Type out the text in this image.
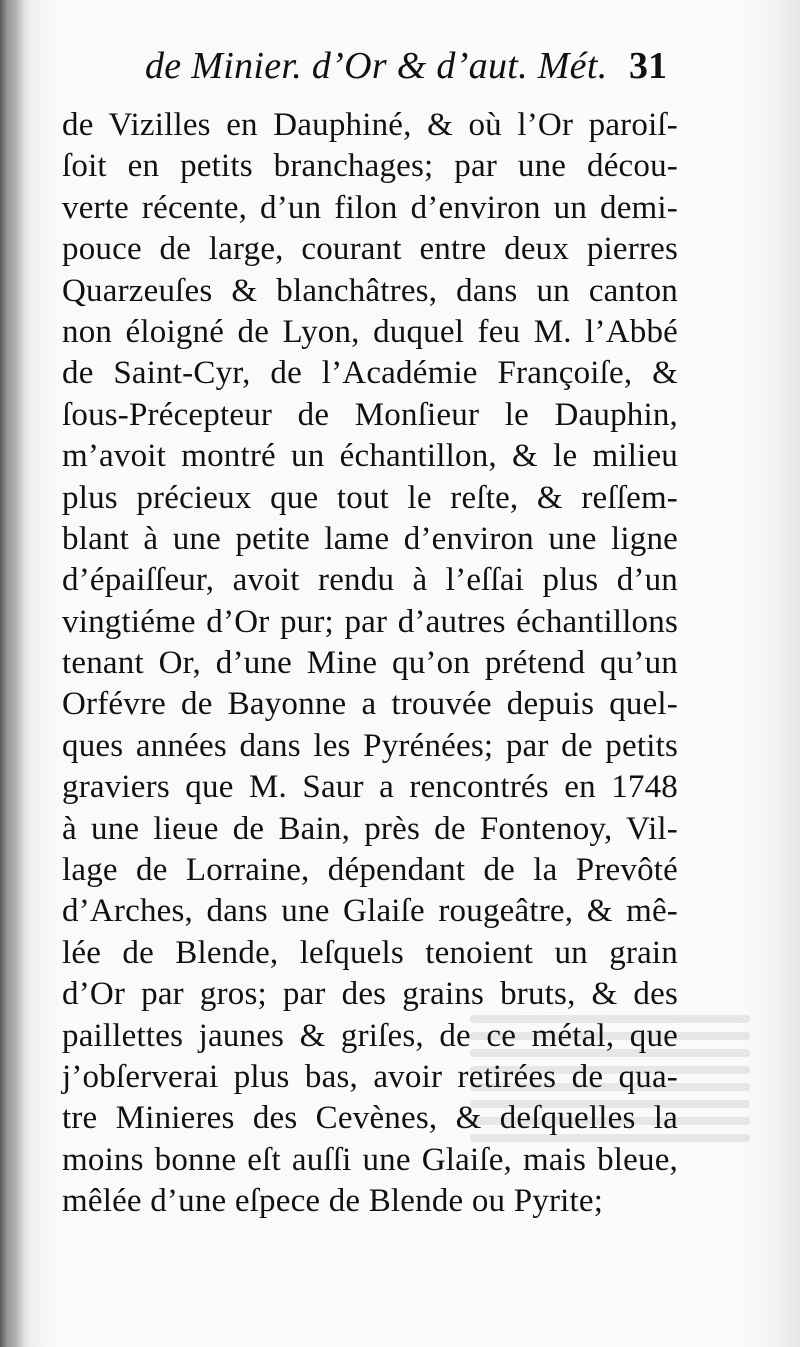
de Minier. d’Or & d’aut. Mét. 31
de Vizilles en Dauphiné, & où l’Or paroiſ-
ſoit en petits branchages; par une décou-
verte récente, d’un filon d’environ un demi-
pouce de large, courant entre deux pierres
Quarzeuſes & blanchâtres, dans un canton
non éloigné de Lyon, duquel feu M. l’Abbé
de Saint-Cyr, de l’Académie Françoiſe, &
ſous-Précepteur de Monſieur le Dauphin,
m’avoit montré un échantillon, & le milieu
plus précieux que tout le reſte, & reſſem-
blant à une petite lame d’environ une ligne
d’épaiſſeur, avoit rendu à l’eſſai plus d’un
vingtiéme d’Or pur; par d’autres échantillons
tenant Or, d’une Mine qu’on prétend qu’un
Orfévre de Bayonne a trouvée depuis quel-
ques années dans les Pyrénées; par de petits
graviers que M. Saur a rencontrés en 1748
à une lieue de Bain, près de Fontenoy, Vil-
lage de Lorraine, dépendant de la Prevôté
d’Arches, dans une Glaiſe rougeâtre, & mê-
lée de Blende, leſquels tenoient un grain
d’Or par gros; par des grains bruts, & des
paillettes jaunes & griſes, de ce métal, que
j’obſerverai plus bas, avoir retirées de qua-
tre Minieres des Cevènes, & deſquelles la
moins bonne eſt auſſi une Glaiſe, mais bleue,
mêlée d’une eſpece de Blende ou Pyrite;
